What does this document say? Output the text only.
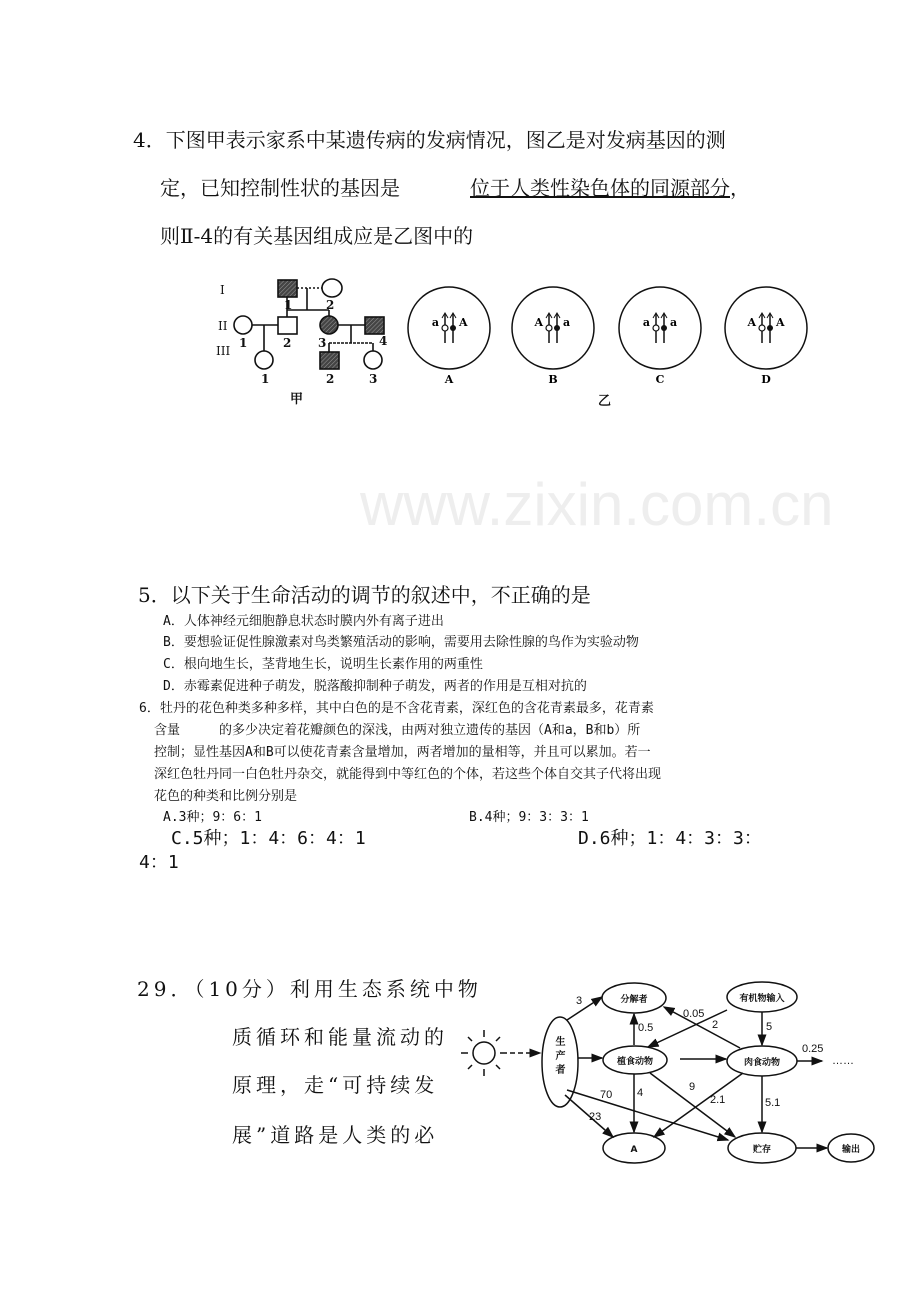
www.zixin.com.cn
4．下图甲表示家系中某遗传病的发病情况，图乙是对发病基因的测
定，已知控制性状的基因是	位于人类性染色体的同源部分，
则Ⅱ-4的有关基因组成应是乙图中的
I
II
III
1	2
1	2 3	4
1	2	3
甲
a A
A
A a
B
a a
C
A A
D
乙
分解者	有机物输入
植食动物	肉食动物
A	贮存	输出
3
0.5
0.05
2	5
0.25
……
4	9
2.1	5.1
70
23
生产者
5．以下关于生命活动的调节的叙述中，不正确的是
A．人体神经元细胞静息状态时膜内外有离子进出
B．要想验证促性腺激素对鸟类繁殖活动的影响，需要用去除性腺的鸟作为实验动物
C．根向地生长，茎背地生长，说明生长素作用的两重性
D．赤霉素促进种子萌发，脱落酸抑制种子萌发，两者的作用是互相对抗的
6．牡丹的花色种类多种多样，其中白色的是不含花青素，深红色的含花青素最多，花青素
含量　　　的多少决定着花瓣颜色的深浅，由两对独立遗传的基因（A和a，B和b）所
控制；显性基因A和B可以使花青素含量增加，两者增加的量相等，并且可以累加。若一
深红色牡丹同一白色牡丹杂交，就能得到中等红色的个体，若这些个体自交其子代将出现
花色的种类和比例分别是
A.3种；9：6：1	B.4种；9：3：3：1
C.5种；1：4：6：4：1	D.6种；1：4：3：3：
4：1
29．（10分）利用生态系统中物
质循环和能量流动的
原理，走“可持续发
展”道路是人类的必
